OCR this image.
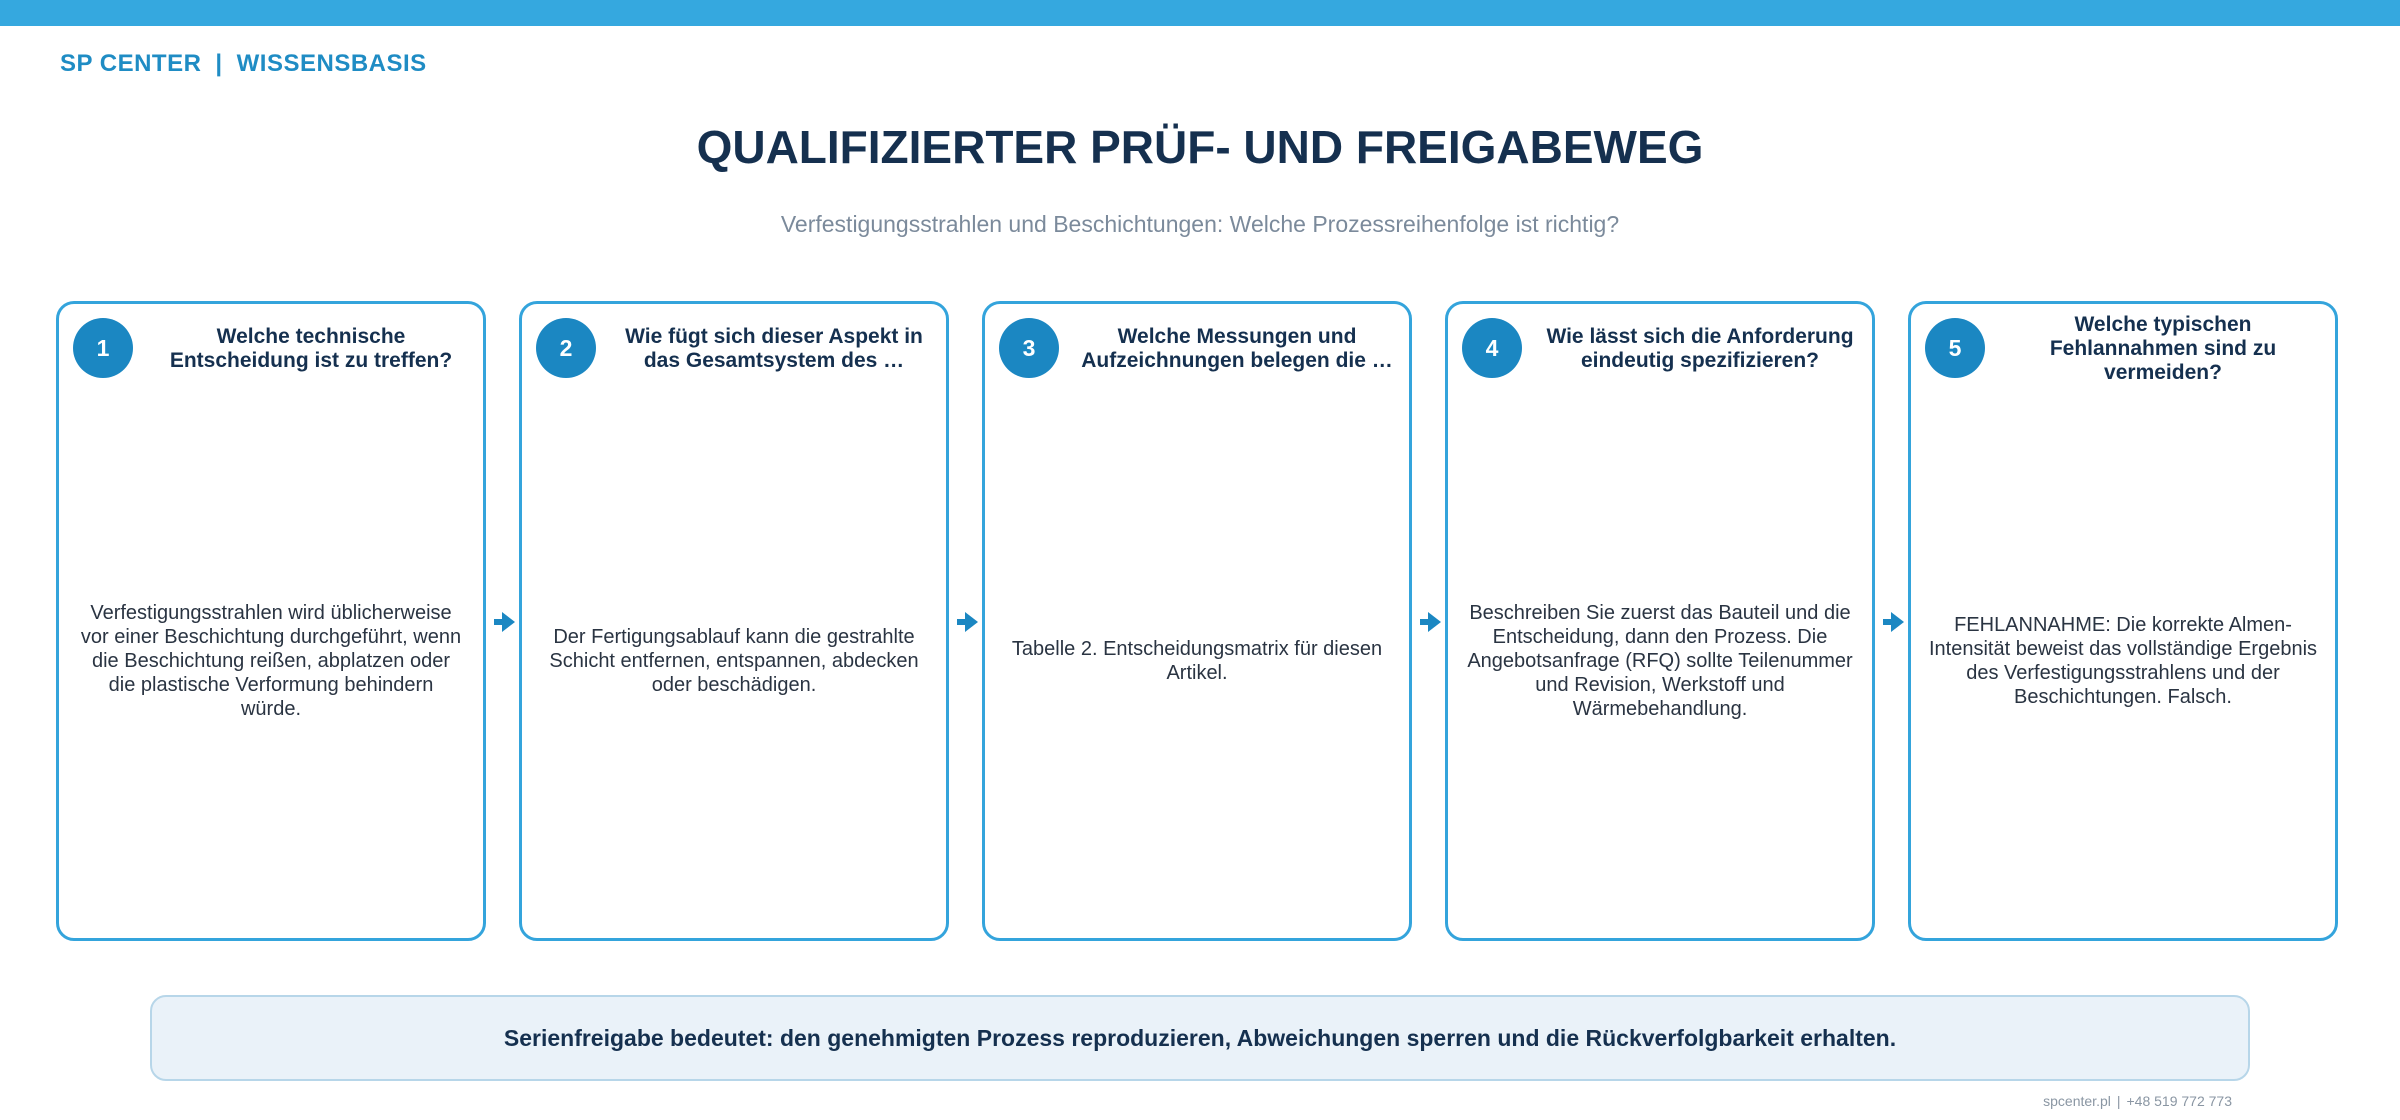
SP CENTER | WISSENSBASIS
QUALIFIZIERTER PRÜF- UND FREIGABEWEG
Verfestigungsstrahlen und Beschichtungen: Welche Prozessreihenfolge ist richtig?
1	Welche technische Entscheidung ist zu treffen?
Verfestigungsstrahlen wird üblicherweise vor einer Beschichtung durchgeführt, wenn die Beschichtung reißen, abplatzen oder die plastische Verformung behindern würde.
2	Wie fügt sich dieser Aspekt in das Gesamtsystem des …
Der Fertigungsablauf kann die gestrahlte Schicht entfernen, entspannen, abdecken oder beschädigen.
3	Welche Messungen und Aufzeichnungen belegen die …
Tabelle 2. Entscheidungsmatrix für diesen Artikel.
4	Wie lässt sich die Anforderung eindeutig spezifizieren?
Beschreiben Sie zuerst das Bauteil und die Entscheidung, dann den Prozess. Die Angebotsanfrage (RFQ) sollte Teilenummer und Revision, Werkstoff und Wärmebehandlung.
5
Welche typischen Fehlannahmen sind zu vermeiden?
FEHLANNAHME: Die korrekte Almen-Intensität beweist das vollständige Ergebnis des Verfestigungsstrahlens und der Beschichtungen. Falsch.
Serienfreigabe bedeutet: den genehmigten Prozess reproduzieren, Abweichungen sperren und die Rückverfolgbarkeit erhalten.
spcenter.pl | +48 519 772 773
